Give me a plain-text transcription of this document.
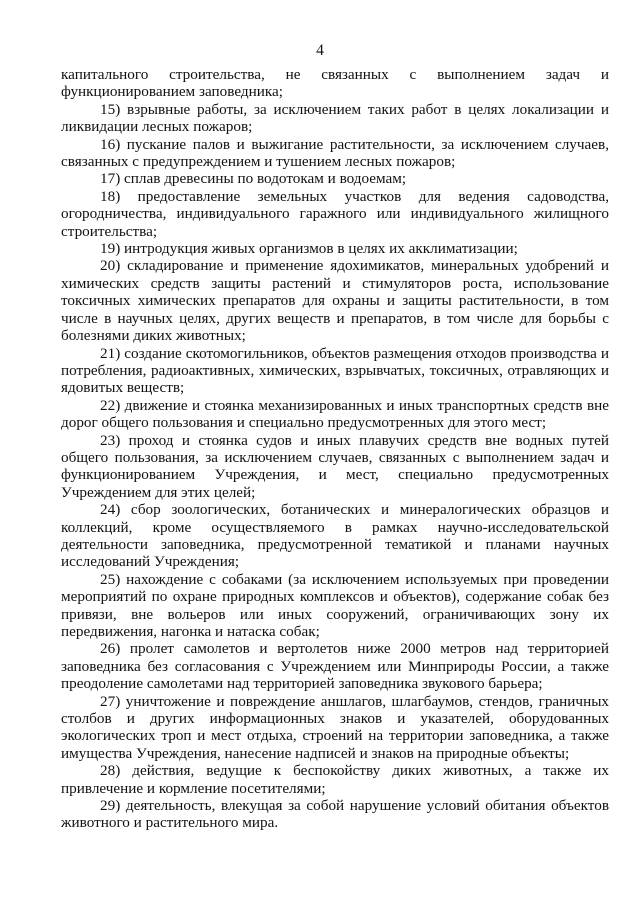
4

капитального строительства, не связанных с выполнением задач и функционированием заповедника;

15) взрывные работы, за исключением таких работ в целях локализации и ликвидации лесных пожаров;

16) пускание палов и выжигание растительности, за исключением случаев, связанных с предупреждением и тушением лесных пожаров;

17) сплав древесины по водотокам и водоемам;

18) предоставление земельных участков для ведения садоводства, огородничества, индивидуального гаражного или индивидуального жилищного строительства;

19) интродукция живых организмов в целях их акклиматизации;

20) складирование и применение ядохимикатов, минеральных удобрений и химических средств защиты растений и стимуляторов роста, использование токсичных химических препаратов для охраны и защиты растительности, в том числе в научных целях, других веществ и препаратов, в том числе для борьбы с болезнями диких животных;

21) создание скотомогильников, объектов размещения отходов производства и потребления, радиоактивных, химических, взрывчатых, токсичных, отравляющих и ядовитых веществ;

22) движение и стоянка механизированных и иных транспортных средств вне дорог общего пользования и специально предусмотренных для этого мест;

23) проход и стоянка судов и иных плавучих средств вне водных путей общего пользования, за исключением случаев, связанных с выполнением задач и функционированием Учреждения, и мест, специально предусмотренных Учреждением для этих целей;

24) сбор зоологических, ботанических и минералогических образцов и коллекций, кроме осуществляемого в рамках научно-исследовательской деятельности заповедника, предусмотренной тематикой и планами научных исследований Учреждения;

25) нахождение с собаками (за исключением используемых при проведении мероприятий по охране природных комплексов и объектов), содержание собак без привязи, вне вольеров или иных сооружений, ограничивающих зону их передвижения, нагонка и натаска собак;

26) пролет самолетов и вертолетов ниже 2000 метров над территорией заповедника без согласования с Учреждением или Минприроды России, а также преодоление самолетами над территорией заповедника звукового барьера;

27) уничтожение и повреждение аншлагов, шлагбаумов, стендов, граничных столбов и других информационных знаков и указателей, оборудованных экологических троп и мест отдыха, строений на территории заповедника, а также имущества Учреждения, нанесение надписей и знаков на природные объекты;

28) действия, ведущие к беспокойству диких животных, а также их привлечение и кормление посетителями;

29) деятельность, влекущая за собой нарушение условий обитания объектов животного и растительного мира.
